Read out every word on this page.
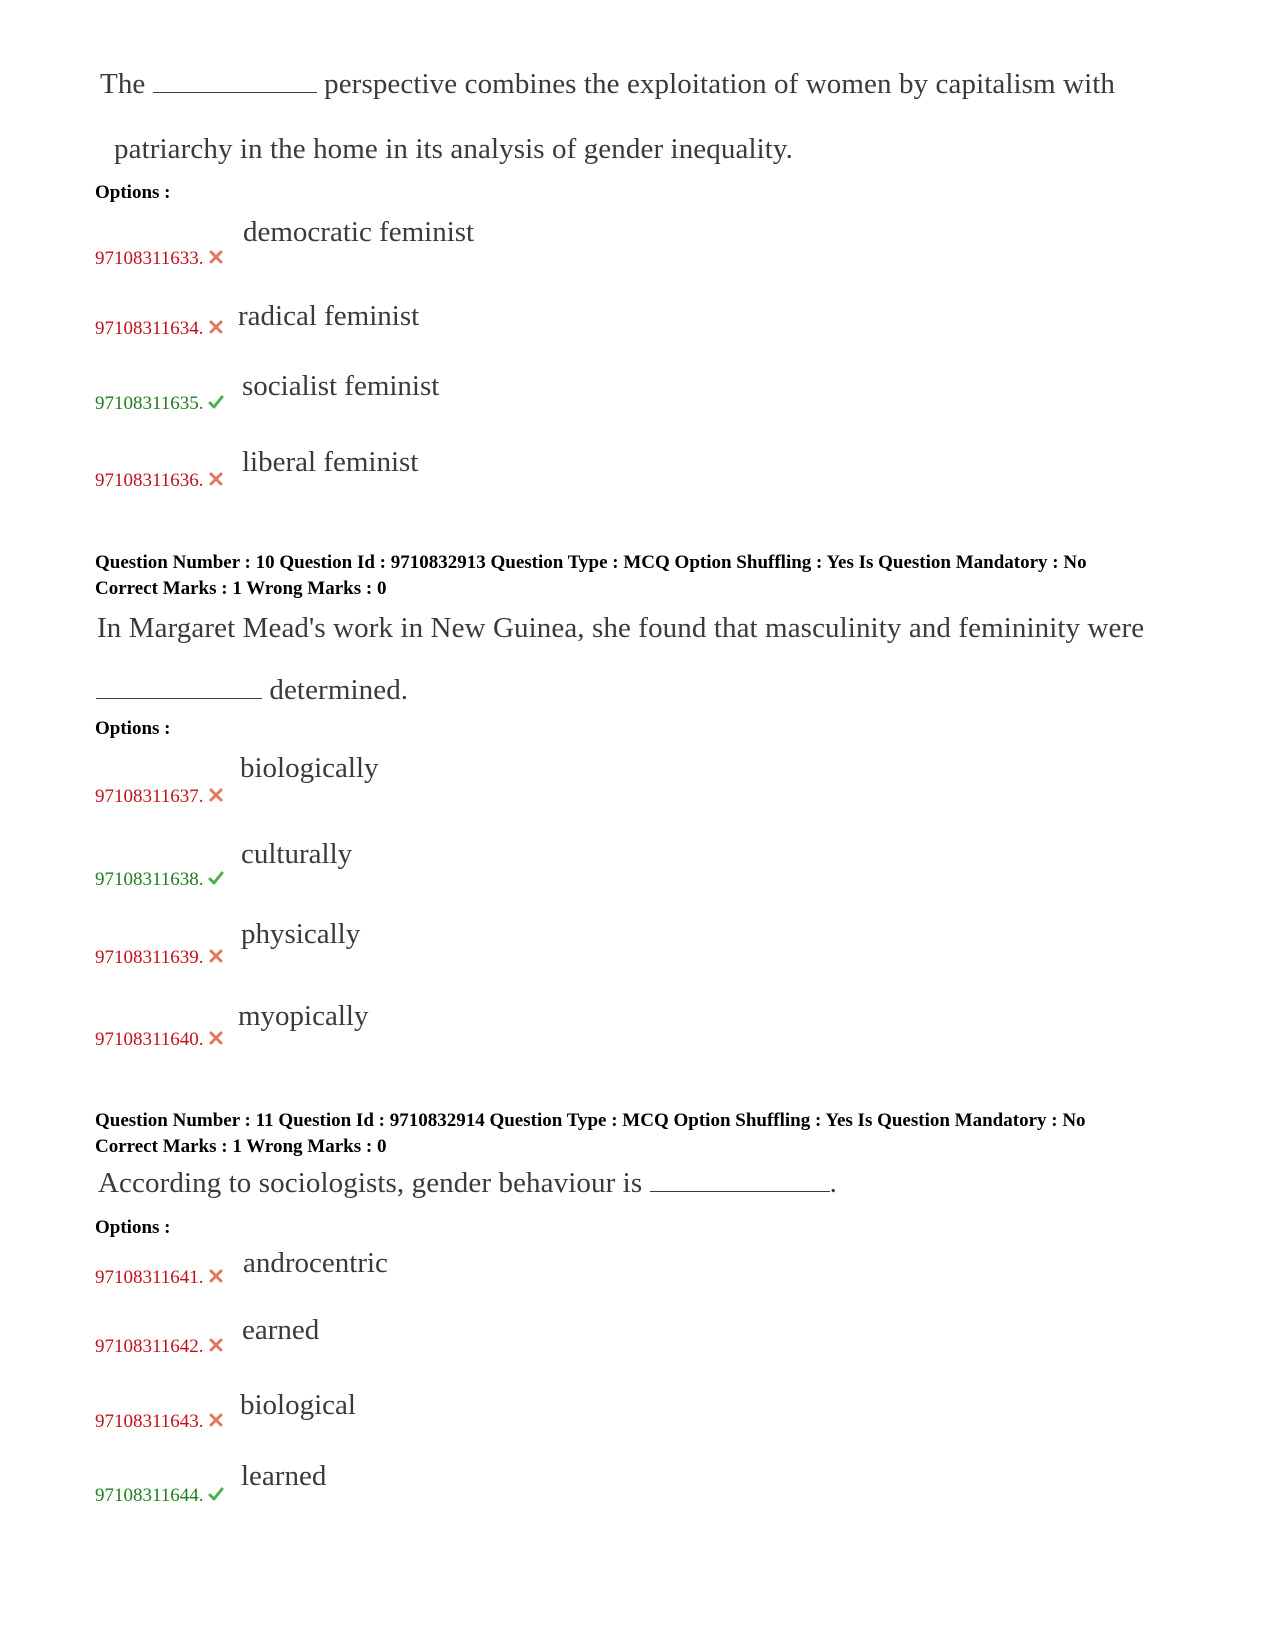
The	perspective combines the exploitation of women by capitalism with
patriarchy in the home in its analysis of gender inequality.
Options :
democratic feminist
97108311633.
radical feminist
97108311634.
socialist feminist
97108311635.
liberal feminist
97108311636.
Question Number : 10 Question Id : 9710832913 Question Type : MCQ Option Shuffling : Yes Is Question Mandatory : No
Correct Marks : 1 Wrong Marks : 0
In Margaret Mead's work in New Guinea, she found that masculinity and femininity were
determined.
Options :
biologically
97108311637.
culturally
97108311638.
physically
97108311639.
myopically
97108311640.
Question Number : 11 Question Id : 9710832914 Question Type : MCQ Option Shuffling : Yes Is Question Mandatory : No
Correct Marks : 1 Wrong Marks : 0
According to sociologists, gender behaviour is	.
Options :
androcentric
97108311641.
earned
97108311642.
biological
97108311643.
learned
97108311644.
